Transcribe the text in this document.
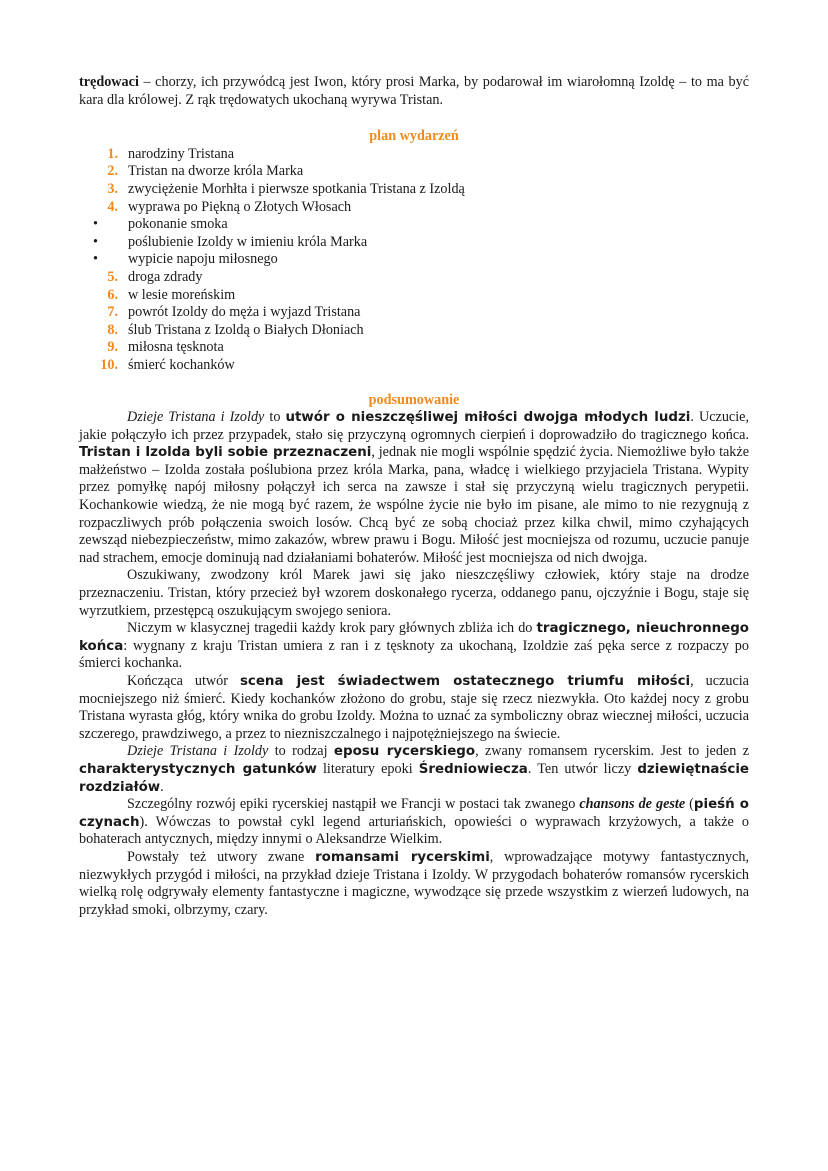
trędowaci – chorzy, ich przywódcą jest Iwon, który prosi Marka, by podarował im wiarołomną Izoldę – to ma być kara dla królowej. Z rąk trędowatych ukochaną wyrywa Tristan.

plan wydarzeń
1. narodziny Tristana
2. Tristan na dworze króla Marka
3. zwyciężenie Morhłta i pierwsze spotkania Tristana z Izoldą
4. wyprawa po Piękną o Złotych Włosach
•	pokonanie smoka
•	poślubienie Izoldy w imieniu króla Marka
•	wypicie napoju miłosnego
5. droga zdrady
6. w lesie moreńskim
7. powrót Izoldy do męża i wyjazd Tristana
8. ślub Tristana z Izoldą o Białych Dłoniach
9. miłosna tęsknota
10. śmierć kochanków
podsumowanie

Dzieje Tristana i Izoldy to utwór o nieszczęśliwej miłości dwojga młodych ludzi. Uczucie, jakie połączyło ich przez przypadek, stało się przyczyną ogromnych cierpień i doprowadziło do tragicznego końca. Tristan i Izolda byli sobie przeznaczeni, jednak nie mogli wspólnie spędzić życia. Niemożliwe było także małżeństwo – Izolda została poślubiona przez króla Marka, pana, władcę i wielkiego przyjaciela Tristana. Wypity przez pomyłkę napój miłosny połączył ich serca na zawsze i stał się przyczyną wielu tragicznych perypetii. Kochankowie wiedzą, że nie mogą być razem, że wspólne życie nie było im pisane, ale mimo to nie rezygnują z rozpaczliwych prób połączenia swoich losów. Chcą być ze sobą chociaż przez kilka chwil, mimo czyhających zewsząd niebezpieczeństw, mimo zakazów, wbrew prawu i Bogu. Miłość jest mocniejsza od rozumu, uczucie panuje nad strachem, emocje dominują nad działaniami bohaterów. Miłość jest mocniejsza od nich dwojga.

Oszukiwany, zwodzony król Marek jawi się jako nieszczęśliwy człowiek, który staje na drodze przeznaczeniu. Tristan, który przecież był wzorem doskonałego rycerza, oddanego panu, ojczyźnie i Bogu, staje się wyrzutkiem, przestępcą oszukującym swojego seniora.

Niczym w klasycznej tragedii każdy krok pary głównych zbliża ich do tragicznego, nieuchronnego końca: wygnany z kraju Tristan umiera z ran i z tęsknoty za ukochaną, Izoldzie zaś pęka serce z rozpaczy po śmierci kochanka.

Kończąca utwór scena jest świadectwem ostatecznego triumfu miłości, uczucia mocniejszego niż śmierć. Kiedy kochanków złożono do grobu, staje się rzecz niezwykła. Oto każdej nocy z grobu Tristana wyrasta głóg, który wnika do grobu Izoldy. Można to uznać za symboliczny obraz wiecznej miłości, uczucia szczerego, prawdziwego, a przez to niezniszczalnego i najpotężniejszego na świecie.

Dzieje Tristana i Izoldy to rodzaj eposu rycerskiego, zwany romansem rycerskim. Jest to jeden z charakterystycznych gatunków literatury epoki Średniowiecza. Ten utwór liczy dziewiętnaście rozdziałów.

Szczególny rozwój epiki rycerskiej nastąpił we Francji w postaci tak zwanego chansons de geste (pieśń o czynach). Wówczas to powstał cykl legend arturiańskich, opowieści o wyprawach krzyżowych, a także o bohaterach antycznych, między innymi o Aleksandrze Wielkim.

Powstały też utwory zwane romansami rycerskimi, wprowadzające motywy fantastycznych, niezwykłych przygód i miłości, na przykład dzieje Tristana i Izoldy. W przygodach bohaterów romansów rycerskich wielką rolę odgrywały elementy fantastyczne i magiczne, wywodzące się przede wszystkim z wierzeń ludowych, na przykład smoki, olbrzymy, czary.
